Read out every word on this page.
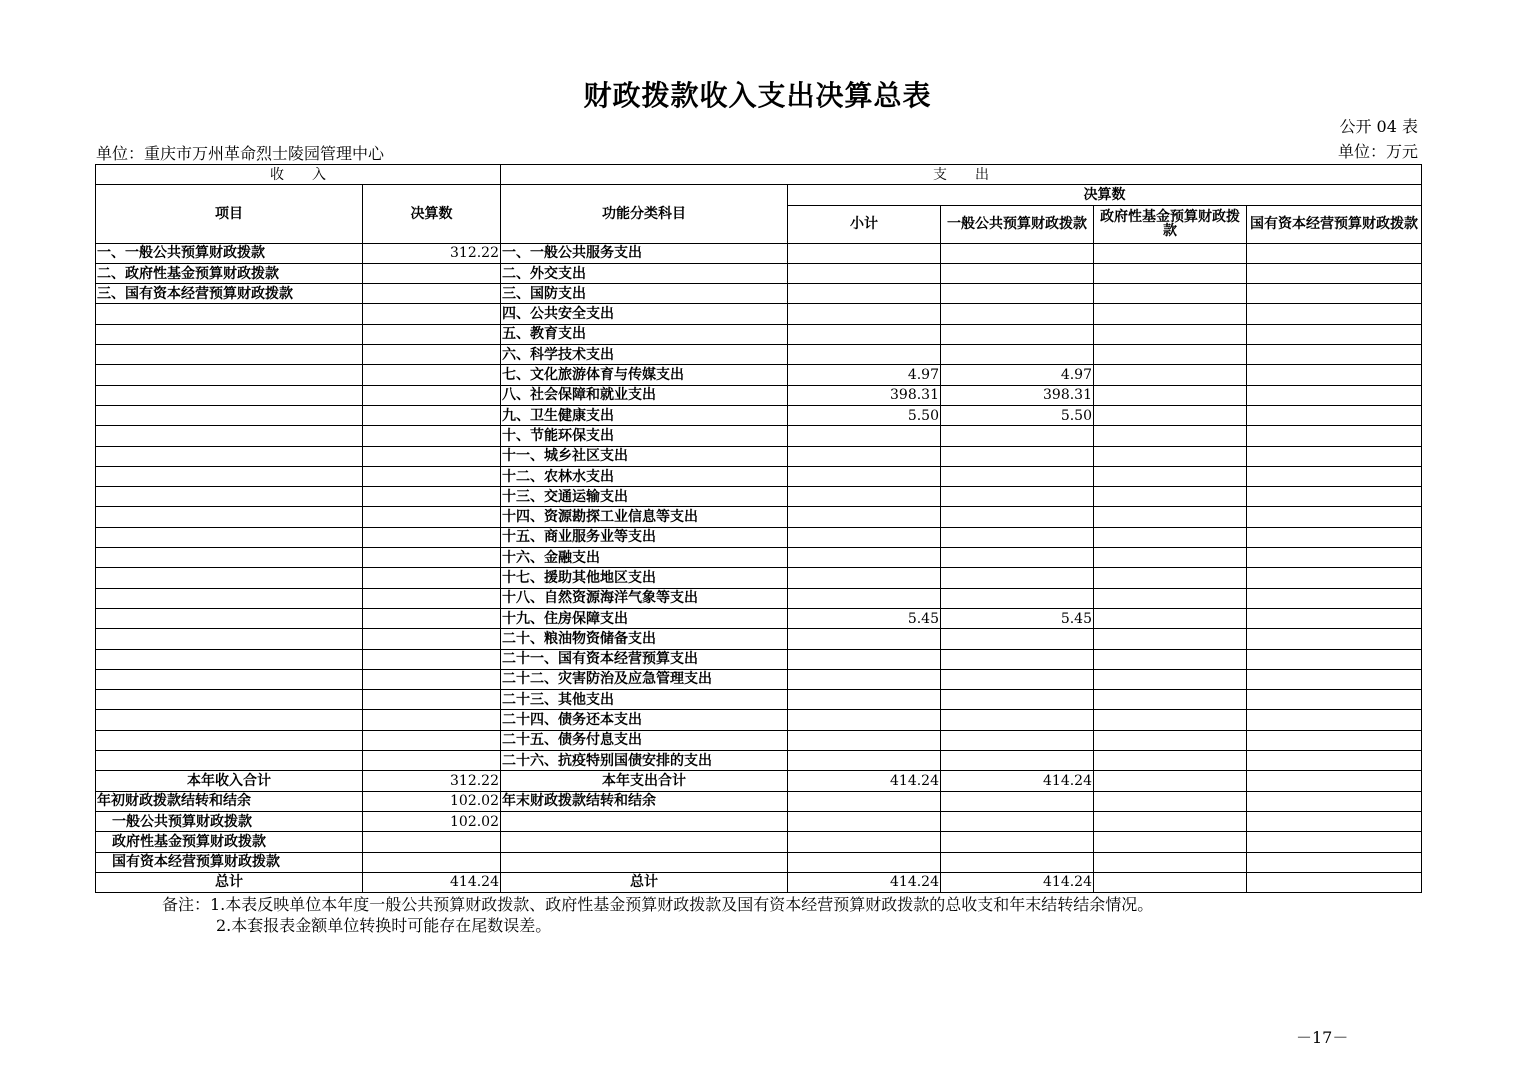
财政拨款收入支出决算总表
公开 04 表
单位：重庆市万州革命烈士陵园管理中心	单位：万元
收　　入		支　　出				
项目	决算数	功能分类科目	决算数			
			小计	一般公共预算财政拨款	政府性基金预算财政拨款	国有资本经营预算财政拨款
一、一般公共预算财政拨款	312.22	一、一般公共服务支出				
二、政府性基金预算财政拨款		二、外交支出				
三、国有资本经营预算财政拨款		三、国防支出				
		四、公共安全支出				
		五、教育支出				
		六、科学技术支出				
		七、文化旅游体育与传媒支出	4.97	4.97		
		八、社会保障和就业支出	398.31	398.31		
		九、卫生健康支出	5.50	5.50		
		十、节能环保支出				
		十一、城乡社区支出				
		十二、农林水支出				
		十三、交通运输支出				
		十四、资源勘探工业信息等支出				
		十五、商业服务业等支出				
		十六、金融支出				
		十七、援助其他地区支出				
		十八、自然资源海洋气象等支出				
		十九、住房保障支出	5.45	5.45		
		二十、粮油物资储备支出				
		二十一、国有资本经营预算支出				
		二十二、灾害防治及应急管理支出				
		二十三、其他支出				
		二十四、债务还本支出				
		二十五、债务付息支出				
		二十六、抗疫特别国债安排的支出				
本年收入合计	312.22	本年支出合计	414.24	414.24		
年初财政拨款结转和结余	102.02	年末财政拨款结转和结余				
一般公共预算财政拨款	102.02					
政府性基金预算财政拨款						
国有资本经营预算财政拨款						
总计	414.24	总计	414.24	414.24		
备注：1.本表反映单位本年度一般公共预算财政拨款、政府性基金预算财政拨款及国有资本经营预算财政拨款的总收支和年末结转结余情况。
2.本套报表金额单位转换时可能存在尾数误差。
－17－
